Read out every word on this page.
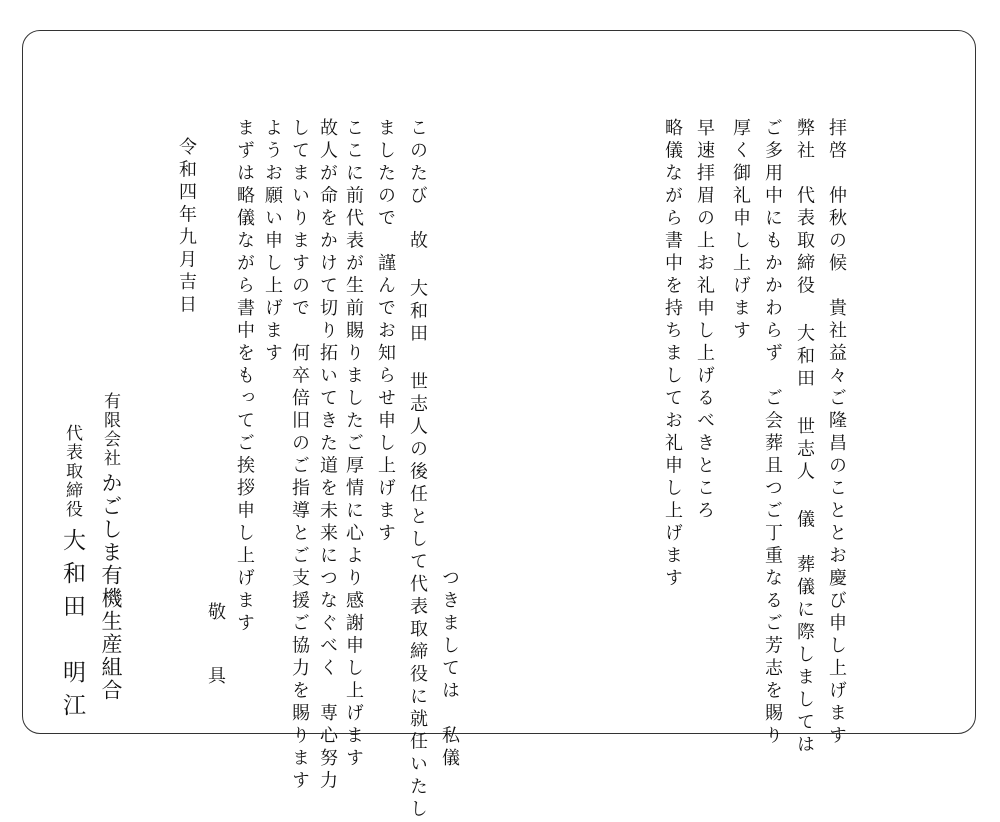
拝啓　仲秋の候　貴社益々ご隆昌のこととお慶び申し上げます
弊社　代表取締役 大和田 世志人 儀　葬儀に際しましては
ご多用中にもかかわらず　ご会葬且つご丁重なるご芳志を賜り
厚く御礼申し上げます
早速拝眉の上お礼申し上げるべきところ
略儀ながら書中を持ちましてお礼申し上げます
　　　　　　　　　　　　　　　　　　　　つきましては　私儀
このたび　故 大和田 世志人の後任として代表取締役に就任いたし
ましたので　謹んでお知らせ申し上げます
ここに前代表が生前賜りましたご厚情に心より感謝申し上げます
故人が命をかけて切り拓いてきた道を未来につなぐべく　専心努力
してまいりますので　何卒倍旧のご指導とご支援ご協力を賜ります
ようお願い申し上げます
まずは略儀ながら書中をもってご挨拶申し上げます
敬　具
令和四年九月吉日
有限会社
かごしま有機生産組合
代表取締役
大和田　明江
